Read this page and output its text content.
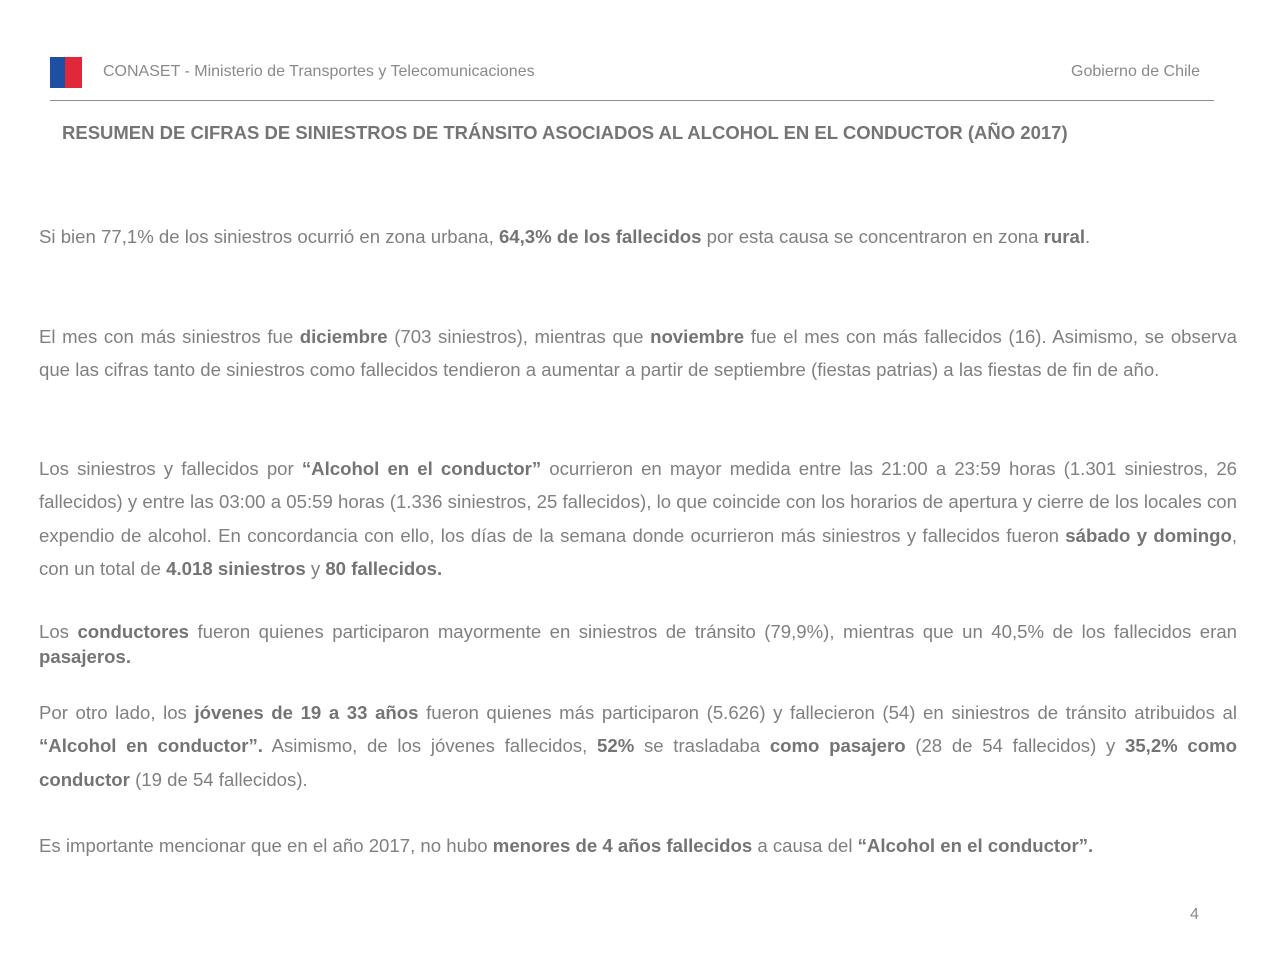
CONASET - Ministerio de Transportes y Telecomunicaciones	Gobierno de Chile
RESUMEN DE CIFRAS DE SINIESTROS DE TRÁNSITO ASOCIADOS AL ALCOHOL EN EL CONDUCTOR (AÑO 2017)

Si bien 77,1% de los siniestros ocurrió en zona urbana, 64,3% de los fallecidos por esta causa se concentraron en zona rural.

El mes con más siniestros fue diciembre (703 siniestros), mientras que noviembre fue el mes con más fallecidos (16). Asimismo, se observa que las cifras tanto de siniestros como fallecidos tendieron a aumentar a partir de septiembre (fiestas patrias) a las fiestas de fin de año.

Los siniestros y fallecidos por “Alcohol en el conductor” ocurrieron en mayor medida entre las 21:00 a 23:59 horas (1.301 siniestros, 26 fallecidos) y entre las 03:00 a 05:59 horas (1.336 siniestros, 25 fallecidos), lo que coincide con los horarios de apertura y cierre de los locales con expendio de alcohol. En concordancia con ello, los días de la semana donde ocurrieron más siniestros y fallecidos fueron sábado y domingo, con un total de 4.018 siniestros y 80 fallecidos.

Los conductores fueron quienes participaron mayormente en siniestros de tránsito (79,9%), mientras que un 40,5% de los fallecidos eran pasajeros.

Por otro lado, los jóvenes de 19 a 33 años fueron quienes más participaron (5.626) y fallecieron (54) en siniestros de tránsito atribuidos al “Alcohol en conductor”. Asimismo, de los jóvenes fallecidos, 52% se trasladaba como pasajero (28 de 54 fallecidos) y 35,2% como conductor (19 de 54 fallecidos).

Es importante mencionar que en el año 2017, no hubo menores de 4 años fallecidos a causa del “Alcohol en el conductor”.

4
